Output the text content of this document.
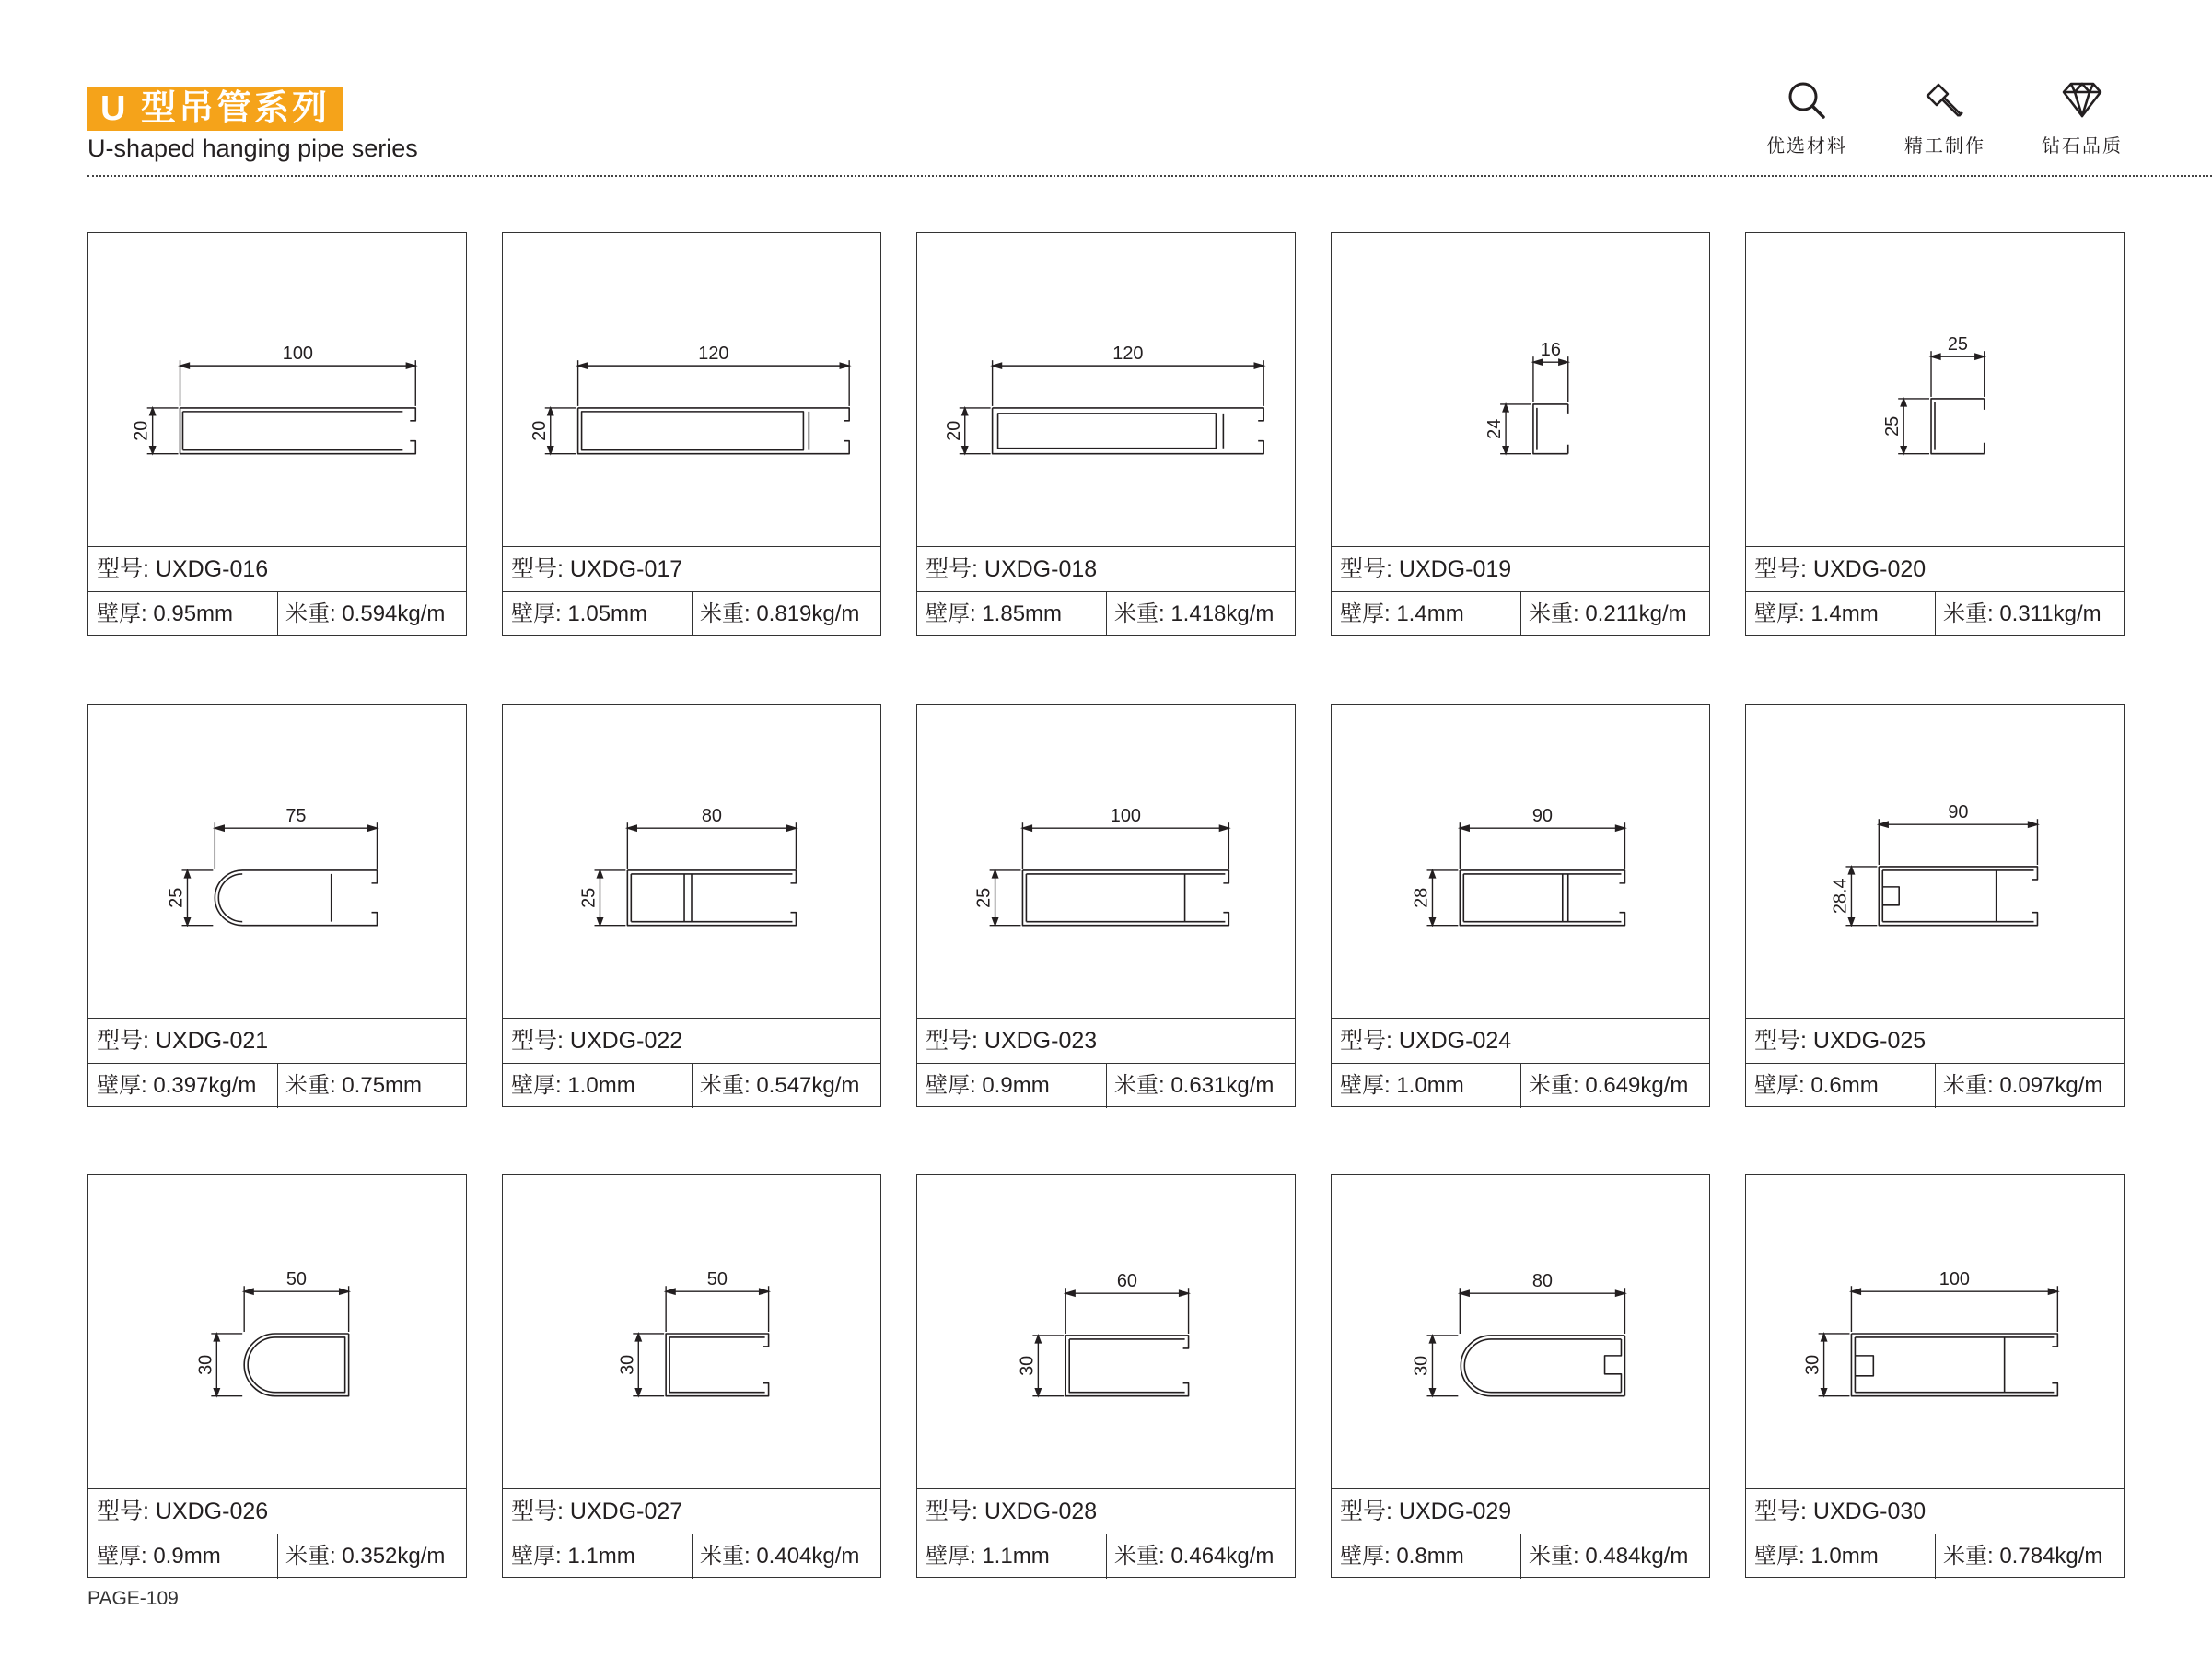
U 型吊管系列
U-shaped hanging pipe series	优选材料	精工制作	钻石品质
100
20
型号: UXDG-016
壁厚: 0.95mm 米重: 0.594kg/m
120
20
型号: UXDG-017
壁厚: 1.05mm 米重: 0.819kg/m
120
20
型号: UXDG-018
壁厚: 1.85mm 米重: 1.418kg/m
16
24
型号: UXDG-019
壁厚: 1.4mm	米重: 0.211kg/m
25
25
型号: UXDG-020
壁厚: 1.4mm	米重: 0.311kg/m
75
25
型号: UXDG-021
壁厚: 0.397kg/m 米重: 0.75mm
80
25
型号: UXDG-022
壁厚: 1.0mm	米重: 0.547kg/m
100
25
型号: UXDG-023
壁厚: 0.9mm	米重: 0.631kg/m
90
28
型号: UXDG-024
壁厚: 1.0mm	米重: 0.649kg/m
90
28.4
型号: UXDG-025
壁厚: 0.6mm	米重: 0.097kg/m
50
30
型号: UXDG-026
壁厚: 0.9mm	米重: 0.352kg/m
50
30
型号: UXDG-027
壁厚: 1.1mm	米重: 0.404kg/m
60
30
型号: UXDG-028
壁厚: 1.1mm	米重: 0.464kg/m
80
30
型号: UXDG-029
壁厚: 0.8mm	米重: 0.484kg/m
100
30
型号: UXDG-030
壁厚: 1.0mm	米重: 0.784kg/m
PAGE-109
